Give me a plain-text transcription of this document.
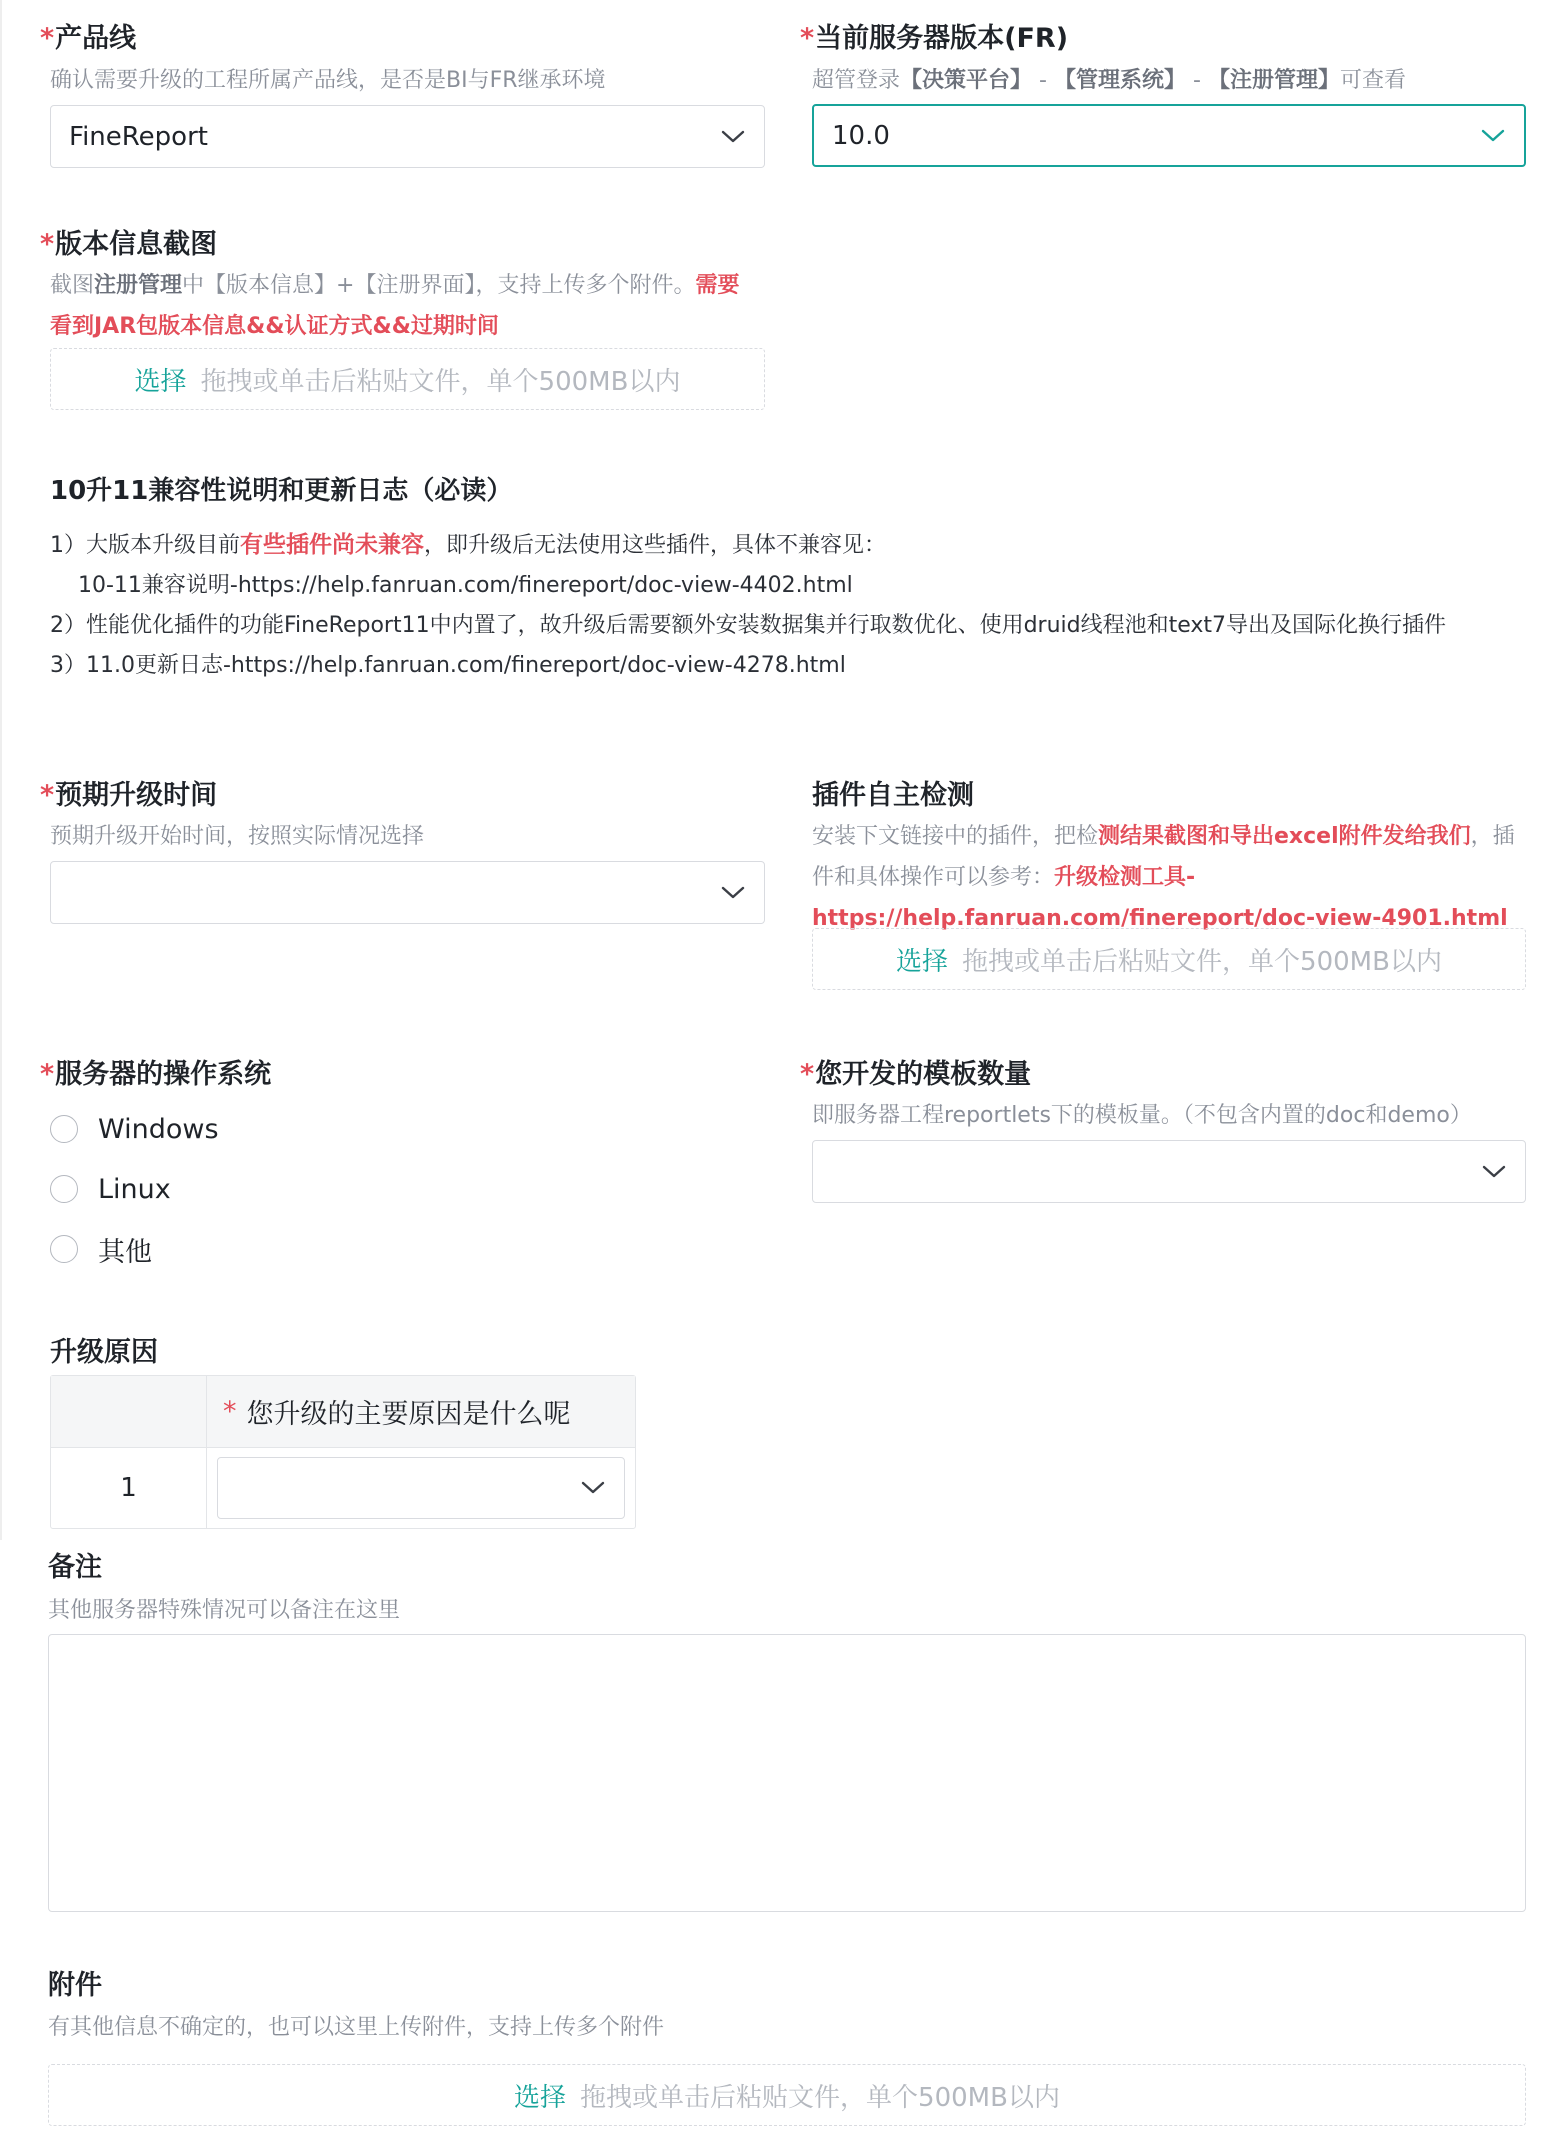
*产品线
确认需要升级的工程所属产品线，是否是BI与FR继承环境
FineReport
*当前服务器版本(FR)
超管登录【决策平台】 - 【管理系统】 - 【注册管理】可查看
10.0
*版本信息截图
截图注册管理中【版本信息】+【注册界面】，支持上传多个附件。需要看到JAR包版本信息&&认证方式&&过期时间
选择 拖拽或单击后粘贴文件，单个500MB以内
10升11兼容性说明和更新日志（必读）
1）大版本升级目前有些插件尚未兼容，即升级后无法使用这些插件，具体不兼容见：
10-11兼容说明-https://help.fanruan.com/finereport/doc-view-4402.html
2）性能优化插件的功能FineReport11中内置了，故升级后需要额外安装数据集并行取数优化、使用druid线程池和text7导出及国际化换行插件
3）11.0更新日志-https://help.fanruan.com/finereport/doc-view-4278.html
*预期升级时间
预期升级开始时间，按照实际情况选择
插件自主检测
安装下文链接中的插件，把检测结果截图和导出excel附件发给我们，插件和具体操作可以参考：升级检测工具-https://help.fanruan.com/finereport/doc-view-4901.html
选择 拖拽或单击后粘贴文件，单个500MB以内
*服务器的操作系统
Windows
Linux
其他
*您开发的模板数量
即服务器工程reportlets下的模板量。（不包含内置的doc和demo）
升级原因
* 您升级的主要原因是什么呢
1
备注
其他服务器特殊情况可以备注在这里
附件
有其他信息不确定的，也可以这里上传附件，支持上传多个附件
选择 拖拽或单击后粘贴文件，单个500MB以内
